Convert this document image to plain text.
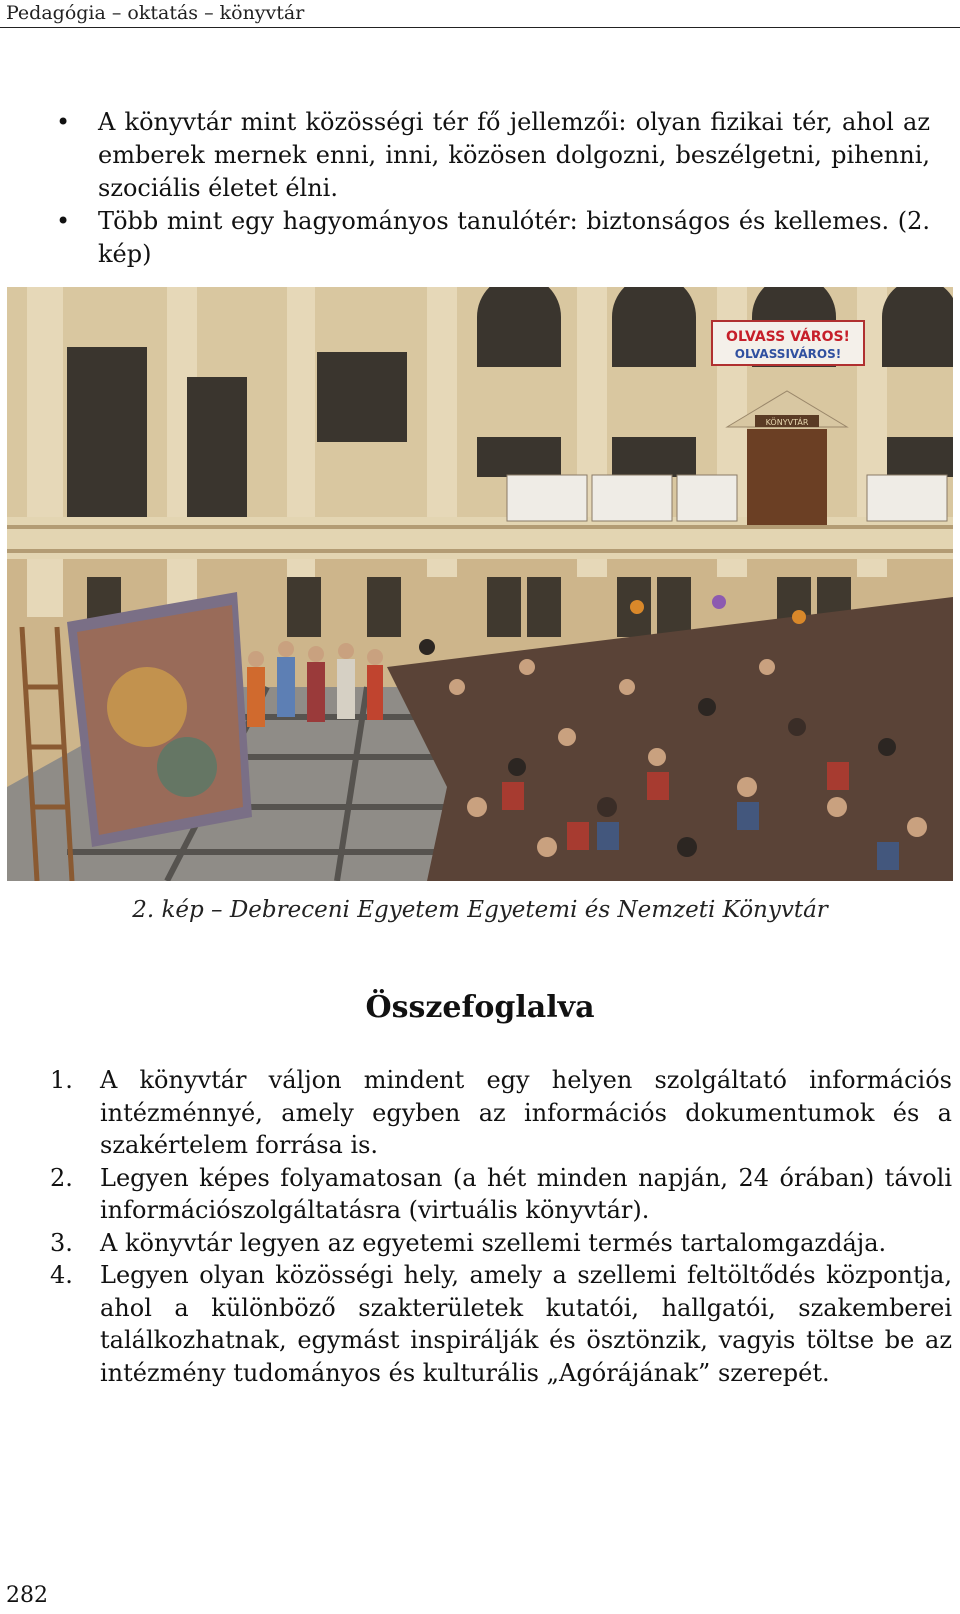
Pedagógia – oktatás – könyvtár
• A könyvtár mint közösségi tér fő jellemzői: olyan fizikai tér, ahol az emberek mernek enni, inni, közösen dolgozni, beszélgetni, pihenni, szociális életet élni.
• Több mint egy hagyományos tanulótér: biztonságos és kellemes. (2. kép)
KÖNYVTÁR
OLVASS VÁROS!
OLVASSIVÁROS!
2. kép – Debreceni Egyetem Egyetemi és Nemzeti Könyvtár
Összefoglalva
1. A könyvtár váljon mindent egy helyen szolgáltató információs intézménnyé, amely egyben az információs dokumentumok és a szakértelem forrása is.
2. Legyen képes folyamatosan (a hét minden napján, 24 órában) távoli információszolgáltatásra (virtuális könyvtár).
3. A könyvtár legyen az egyetemi szellemi termés tartalomgazdája.
4. Legyen olyan közösségi hely, amely a szellemi feltöltődés központja, ahol a különböző szakterületek kutatói, hallgatói, szakemberei találkozhatnak, egymást inspirálják és ösztönzik, vagyis töltse be az intézmény tudományos és kulturális „Agórájának” szerepét.
282
